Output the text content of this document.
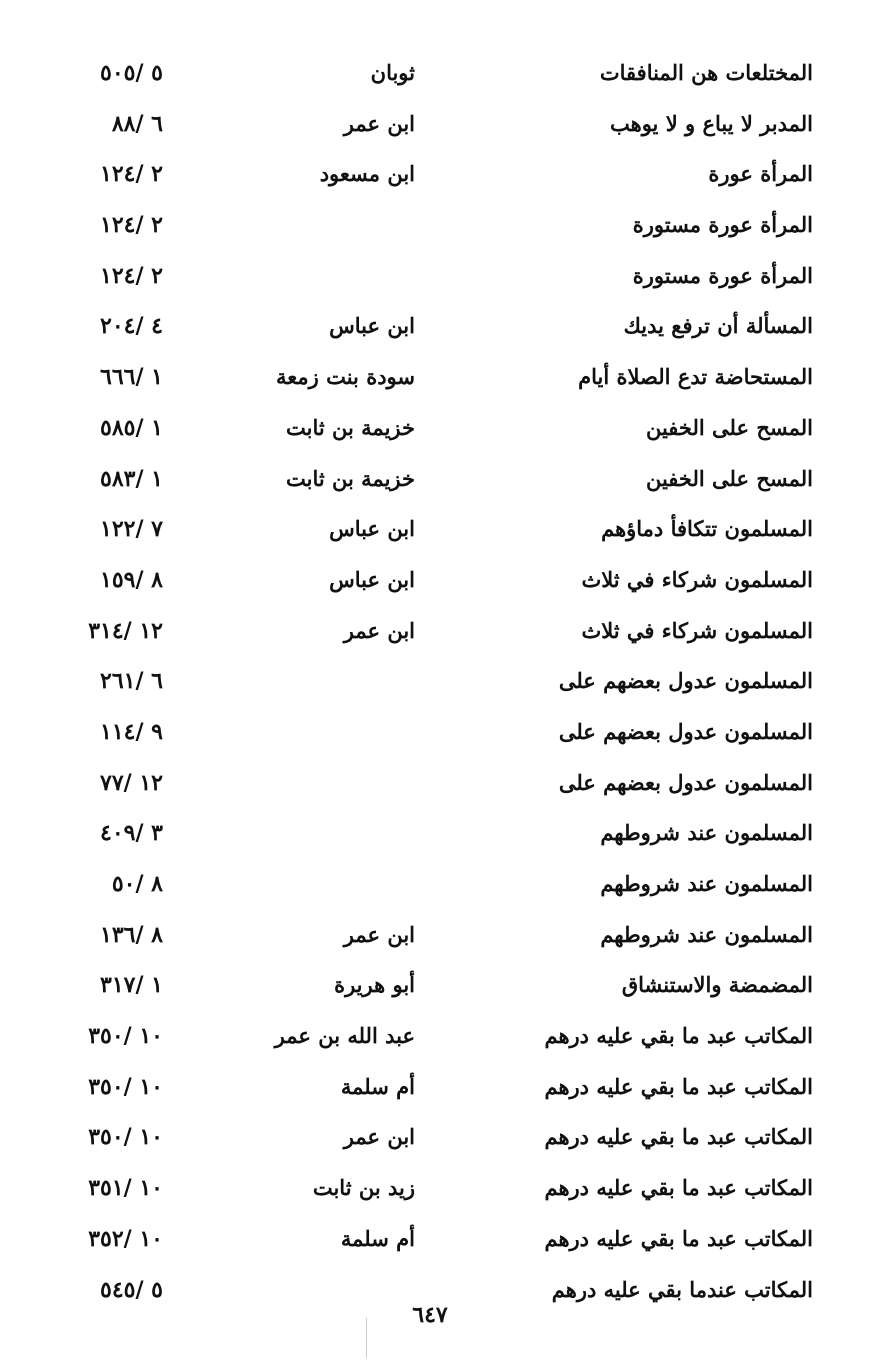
المختلعات هن المنافقات
ثوبان
٥ /٥٠٥
المدبر لا يباع و لا يوهب
ابن عمر
٦ /٨٨
المرأة عورة
ابن مسعود
٢ /١٢٤
المرأة عورة مستورة
٢ /١٢٤
المرأة عورة مستورة
٢ /١٢٤
المسألة أن ترفع يديك
ابن عباس
٤ /٢٠٤
المستحاضة تدع الصلاة أيام
سودة بنت زمعة
١ /٦٦٦
المسح على الخفين
خزيمة بن ثابت
١ /٥٨٥
المسح على الخفين
خزيمة بن ثابت
١ /٥٨٣
المسلمون تتكافأ دماؤهم
ابن عباس
٧ /١٢٢
المسلمون شركاء في ثلاث
ابن عباس
٨ /١٥٩
المسلمون شركاء في ثلاث
ابن عمر
١٢ /٣١٤
المسلمون عدول بعضهم على
٦ /٢٦١
المسلمون عدول بعضهم على
٩ /١١٤
المسلمون عدول بعضهم على
١٢ /٧٧
المسلمون عند شروطهم
٣ /٤٠٩
المسلمون عند شروطهم
٨ /٥٠
المسلمون عند شروطهم
ابن عمر
٨ /١٣٦
المضمضة والاستنشاق
أبو هريرة
١ /٣١٧
المكاتب عبد ما بقي عليه درهم
عبد الله بن عمر
١٠ /٣٥٠
المكاتب عبد ما بقي عليه درهم
أم سلمة
١٠ /٣٥٠
المكاتب عبد ما بقي عليه درهم
ابن عمر
١٠ /٣٥٠
المكاتب عبد ما بقي عليه درهم
زيد بن ثابت
١٠ /٣٥١
المكاتب عبد ما بقي عليه درهم
أم سلمة
١٠ /٣٥٢
المكاتب عندما بقي عليه درهم
٥ /٥٤٥
٦٤٧
